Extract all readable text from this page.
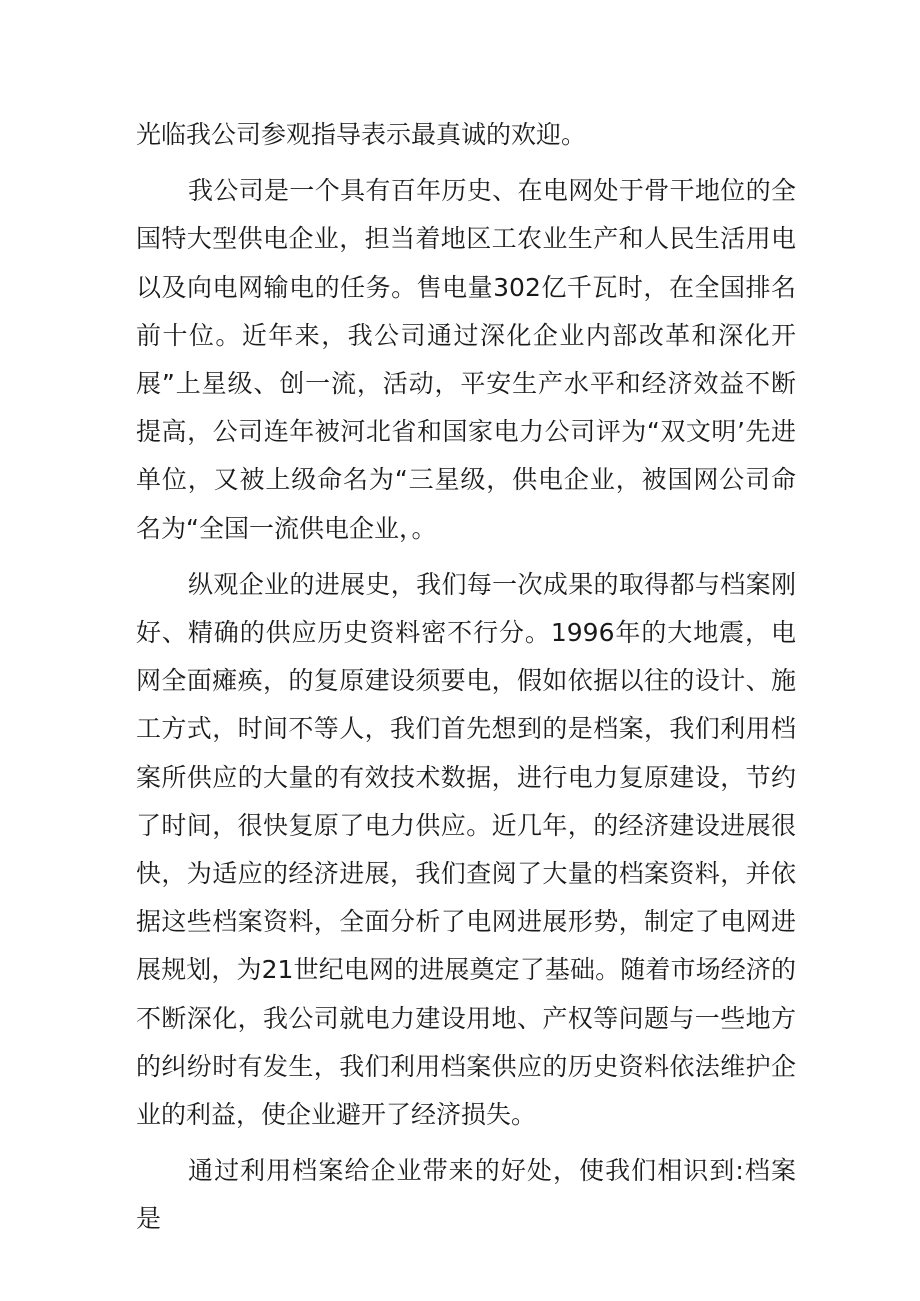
光临我公司参观指导表示最真诚的欢迎。

我公司是一个具有百年历史、在电网处于骨干地位的全国特大型供电企业，担当着地区工农业生产和人民生活用电以及向电网输电的任务。售电量302亿千瓦时，在全国排名前十位。近年来，我公司通过深化企业内部改革和深化开展”上星级、创一流，活动，平安生产水平和经济效益不断提高，公司连年被河北省和国家电力公司评为“双文明’先进单位，又被上级命名为“三星级，供电企业，被国网公司命名为“全国一流供电企业，。

纵观企业的进展史，我们每一次成果的取得都与档案刚好、精确的供应历史资料密不行分。1996年的大地震，电网全面瘫痪，的复原建设须要电，假如依据以往的设计、施工方式，时间不等人，我们首先想到的是档案，我们利用档案所供应的大量的有效技术数据，进行电力复原建设，节约了时间，很快复原了电力供应。近几年，的经济建设进展很快，为适应的经济进展，我们查阅了大量的档案资料，并依据这些档案资料，全面分析了电网进展形势，制定了电网进展规划，为21世纪电网的进展奠定了基础。随着市场经济的不断深化，我公司就电力建设用地、产权等问题与一些地方的纠纷时有发生，我们利用档案供应的历史资料依法维护企业的利益，使企业避开了经济损失。

通过利用档案给企业带来的好处，使我们相识到:档案是
